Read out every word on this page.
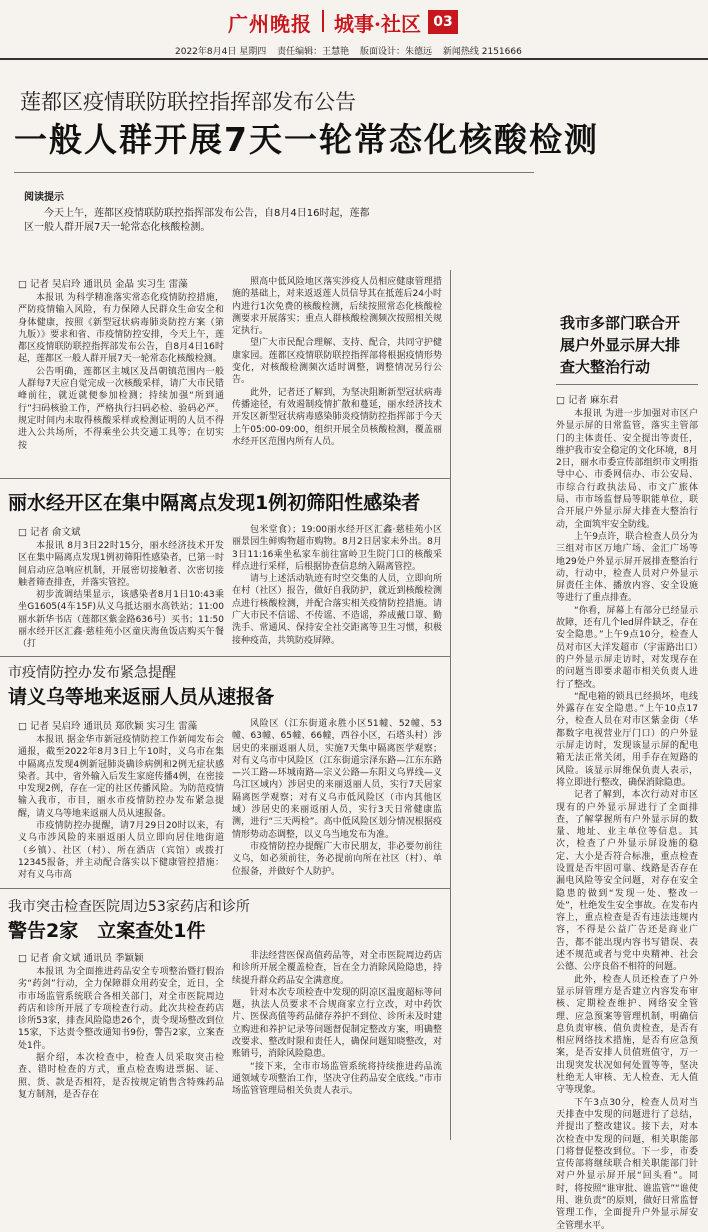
广州晚报 城事·社区 03
2022年8月4日 星期四 责任编辑：王慧艳 版面设计：朱德远 新闻热线 2151666
莲都区疫情联防联控指挥部发布公告
一般人群开展7天一轮常态化核酸检测
阅读提示
今天上午，莲都区疫情联防联控指挥部发布公告，自8月4日16时起，莲都区一般人群开展7天一轮常态化核酸检测。
□ 记者 吴启玲 通讯员 金晶 实习生 雷藻

本报讯 为科学精准落实常态化疫情防控措施，严防疫情输入风险，有力保障人民群众生命安全和身体健康，按照《新型冠状病毒肺炎防控方案（第九版）》要求和省、市疫情防控安排，今天上午，莲都区疫情联防联控指挥部发布公告，自8月4日16时起，莲都区一般人群开展7天一轮常态化核酸检测。

公告明确，莲都区主城区及昌朝镇范围内一般人群每7天应自觉完成一次核酸采样，请广大市民错峰前往，就近就便参加检测；持续加强“所到通行”扫码核验工作，严格执行扫码必检、验码必严。规定时间内未取得核酸采样或检测证明的人员不得进入公共场所，不得乘坐公共交通工具等；在切实按

照高中低风险地区落实涉疫人员相应健康管理措施的基础上，对来返返莲人员信导其在抵莲后24小时内进行1次免费的核酸检测，后续按照常态化核酸检测要求开展落实；重点人群核酸检测频次按照相关规定执行。

望广大市民配合理解、支持、配合，共同守护健康家园。莲都区疫情联防联控指挥部将根据疫情形势变化，对核酸检测频次适时调整，调整情况另行公告。

此外，记者还了解到，为坚决阻断新型冠状病毒传播途径，有效遏制疫情扩散和蔓延，丽水经济技术开发区新型冠状病毒感染肺炎疫情防控指挥部于今天上午05:00-09:00，组织开展全员核酸检测，覆盖丽水经开区范围内所有人员。

我市多部门联合开展户外显示屏大排查大整治行动
□ 记者 麻东君

本报讯 为进一步加强对市区户外显示屏的日常监管，落实主管部门的主体责任、安全提出等责任，维护我市安全稳定的文化环境，8月2日，丽水市委宣传部组织市文明指导中心、市委网信办、市公安局、市综合行政执法局、市文广旅体局、市市场监督局等职能单位，联合开展户外显示屏大排查大整治行动，全面筑牢安全防线。

上午9点许，联合检查人员分为三组对市区万地广场、金汇广场等地29处户外显示屏开展排查整治行动，行动中，检查人员对户外显示屏责任主体、播放内容、安全设施等进行了重点排查。

“你看，屏幕上有部分已经显示故障，还有几个led屏件缺乏，存在安全隐患。”上午9点10分，检查人员对市区大洋发超市（宇雷路出口）的户外显示屏走访时，对发现存在的问题当即要求超市相关负责人进行了整改。

“配电箱的锁具已经损坏，电线外露存在安全隐患。”上午10点17分，检查人员在对市区紫金街（华都数字电视营业厅门口）的户外显示屏走访时，发现该显示屏的配电箱无法正常关闭，用手存在短路的风险。该显示屏维保负责人表示，将立即进行整改，确保消除隐患。

记者了解到，本次行动对市区现有的户外显示屏进行了全面排查，了解掌握所有户外显示屏的数量、地址、业主单位等信息。其次，检查了户外显示屏设施的稳定、大小是否符合标准，重点检查设置是否牢固可靠、线路是否存在漏电风险等安全问题，对存在安全隐患的做到“发现一处、整改一处”，杜绝发生安全事故。在发布内容上，重点检查是否有违法违规内容，不得是公益广告还是商业广告，都不能出现内容书写错误、表述不规范或者与党中央精神、社会公德、公序良俗不相符的问题。

此外，检查人员还检查了户外显示屏管理方是否建立内容发布审核、定期检查维护、网络安全管理、应急预案等管理机制，明确信息负责审核、值负责检查，是否有相应网络技术措施，是否有应急预案，是否安排人员值班值守，万一出现突发状况如何处置等等，坚决杜绝无人审核、无人检查、无人值守等现象。

下午3点30分，检查人员对当天排查中发现的问题进行了总结，并提出了整改建议。接下去，对本次检查中发现的问题，相关职能部门将督促整改到位。下一步，市委宣传部将继续联合相关职能部门针对户外显示屏开展“回头看”。同时，将按照“谁审批、谁监管”“谁使用、谁负责”的原则，做好日常监督管理工作，全面提升户外显示屏安全管理水平。

丽水经开区在集中隔离点发现1例初筛阳性感染者
□ 记者 俞文斌

本报讯 8月3日22时15分，丽水经济技术开发区在集中隔离点发现1例初筛阳性感染者，已第一时间启动应急响应机制，开展密切接触者、次密切接触者筛查排查，并落实管控。

初步流调结果显示，该感染者8月1日10:43乘坐G1605(4车15F)从义乌抵达丽水高铁站；11:00丽水新华书店（莲都区紫金路636号）买书；11:50丽水经开区汇鑫·慈桂苑小区童庆海鱼饭店购买午餐（打

包米堂食）；19:00丽水经开区汇鑫·慈桂苑小区丽景园生鲜购物超市购物。8月2日居家未外出。8月3日11:16乘坐私家车前往富岭卫生院门口的核酸采样点进行采样，后根据协查信息纳入隔离管控。

请与上述活动轨迹有时空交集的人员，立即向所在村（社区）报告，做好自我防护，就近到核酸检测点进行核酸检测，并配合落实相关疫情防控措施。请广大市民不信谣、不传谣、不造谣，养成戴口罩、勤洗手、常通风、保持安全社交距离等卫生习惯，积极接种疫苗，共筑防疫屏障。

市疫情防控办发布紧急提醒
请义乌等地来返丽人员从速报备
□ 记者 吴启玲 通讯员 郑欣颖 实习生 雷藻

本报讯 据金华市新冠疫情防控工作新闻发布会通报，截至2022年8月3日上午10时，义乌市在集中隔离点发现4例新冠肺炎确诊病例和2例无症状感染者。其中，省外输入后发生家庭传播4例，在密接中发现2例，存在一定的社区传播风险。为防范疫情输入我市，市目，丽水市疫情防控办发布紧急提醒，请义乌等地来返丽人员从速报备。

市疫情防控办提醒，请7月29日20时以来，有义乌市涉风险的来丽返丽人员立即向居住地街道（乡镇）、社区（村）、所在酒店（宾馆）或拨打12345报备，并主动配合落实以下健康管控措施：对有义乌市高

风险区（江东街道永胜小区51幢、52幢、53幢、63幢、65幢、66幢，西谷小区，石塔头村）涉居史的来丽返丽人员，实施7天集中隔离医学观察；对有义乌市中风险区（江东街道宗泽东路—江东东路—兴工路—环城南路—宗义公路—东阳义乌界线—义乌江区域内）涉居史的来丽返丽人员，实行7天居家隔离医学观察；对有义乌市低风险区（市内其他区域）涉居史的来丽返丽人员，实行3天日常健康监测，进行“三天两检”。高中低风险区划分情况根据疫情形势动态调整，以义乌当地发布为准。

市疫情防控办提醒广大市民朋友，非必要勿前往义乌，如必须前往，务必提前向所在社区（村）、单位报备，并做好个人防护。

我市突击检查医院周边53家药店和诊所
警告2家　立案查处1件
□ 记者 俞文斌 通讯员 季颖颖

本报讯 为全面推进药品安全专项整治暨打假治劣“药剑”行动，全力保障群众用药安全，近日，全市市场监管系统联合各相关部门，对全市医院周边药店和诊所开展了专项检查行动。此次共检查药店诊所53家，排查风险隐患26个，责令现场整改到位15家，下达责令整改通知书9份，警告2家，立案查处1件。

据介绍，本次检查中，检查人员采取突击检查、错时检查的方式，重点检查购进票据、证、照、货、款是否相符，是否按规定销售含特殊药品复方制剂，是否存在

非法经营医保高值药品等，对全市医院周边药店和诊所开展全覆盖检查，旨在全力消除风险隐患，持续提升群众药品安全满意度。

针对本次专项检查中发现的阴凉区温度超标等问题，执法人员要求不合规商家立行立改，对中药饮片、医保高值等药品储存养护不到位、诊所未及时建立购进和养护记录等问题督促制定整改方案，明确整改要求、整改时限和责任人，确保问题知晓整改，对账销号，消除风险隐患。

“接下来，全市市场监管系统将持续推进药品流通领域专项整治工作，坚决守住药品安全底线。”市市场监管管理局相关负责人表示。
